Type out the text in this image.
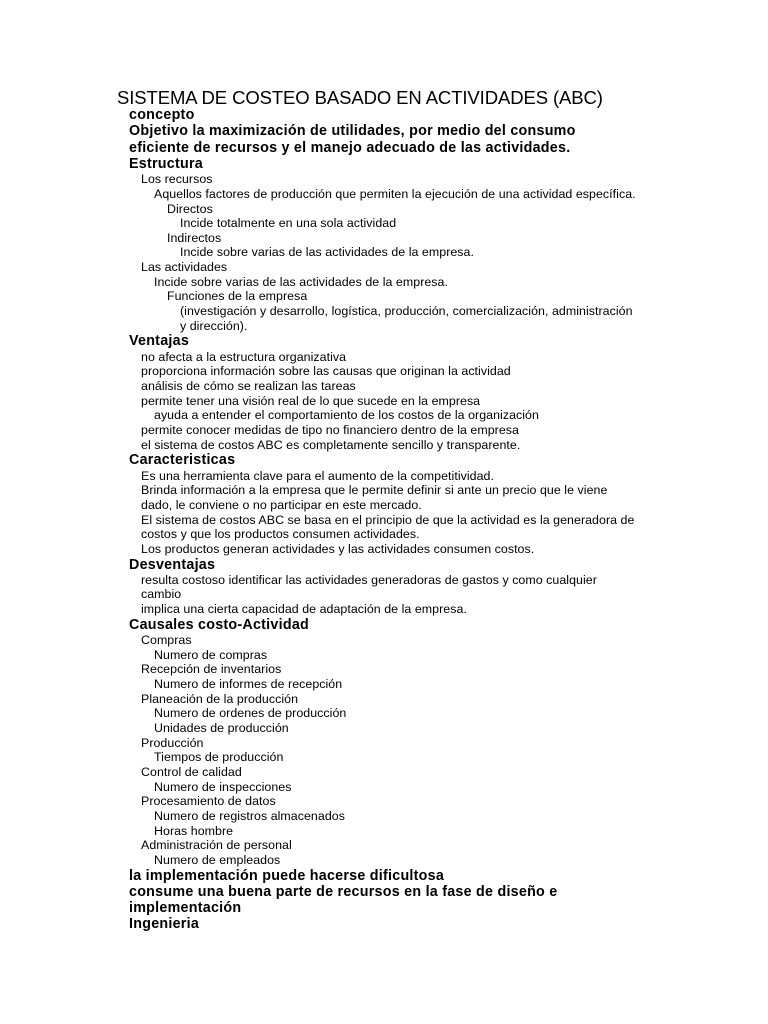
SISTEMA DE COSTEO BASADO EN ACTIVIDADES (ABC)
concepto
Objetivo la maximización de utilidades, por medio del consumo
eficiente de recursos y el manejo adecuado de las actividades.
Estructura
Los recursos
Aquellos factores de producción que permiten la ejecución de una actividad específica.
Directos
Incide totalmente en una sola actividad
Indirectos
Incide sobre varias de las actividades de la empresa.
Las actividades
Incide sobre varias de las actividades de la empresa.
Funciones de la empresa
(investigación y desarrollo, logística, producción, comercialización, administración
y dirección).
Ventajas
no afecta a la estructura organizativa
proporciona información sobre las causas que originan la actividad
análisis de cómo se realizan las tareas
permite tener una visión real de lo que sucede en la empresa
ayuda a entender el comportamiento de los costos de la organización
permite conocer medidas de tipo no financiero dentro de la empresa
el sistema de costos ABC es completamente sencillo y transparente.
Caracteristicas
Es una herramienta clave para el aumento de la competitividad.
Brinda información a la empresa que le permite definir si ante un precio que le viene
dado, le conviene o no participar en este mercado.
El sistema de costos ABC se basa en el principio de que la actividad es la generadora de
costos y que los productos consumen actividades.
Los productos generan actividades y las actividades consumen costos.
Desventajas
resulta costoso identificar las actividades generadoras de gastos y como cualquier
cambio
implica una cierta capacidad de adaptación de la empresa.
Causales costo-Actividad
Compras
Numero de compras
Recepción de inventarios
Numero de informes de recepción
Planeación de la producción
Numero de ordenes de producción
Unidades de producción
Producción
Tiempos de producción
Control de calidad
Numero de inspecciones
Procesamiento de datos
Numero de registros almacenados
Horas hombre
Administración de personal
Numero de empleados
la implementación puede hacerse dificultosa
consume una buena parte de recursos en la fase de diseño e
implementación
Ingenieria
